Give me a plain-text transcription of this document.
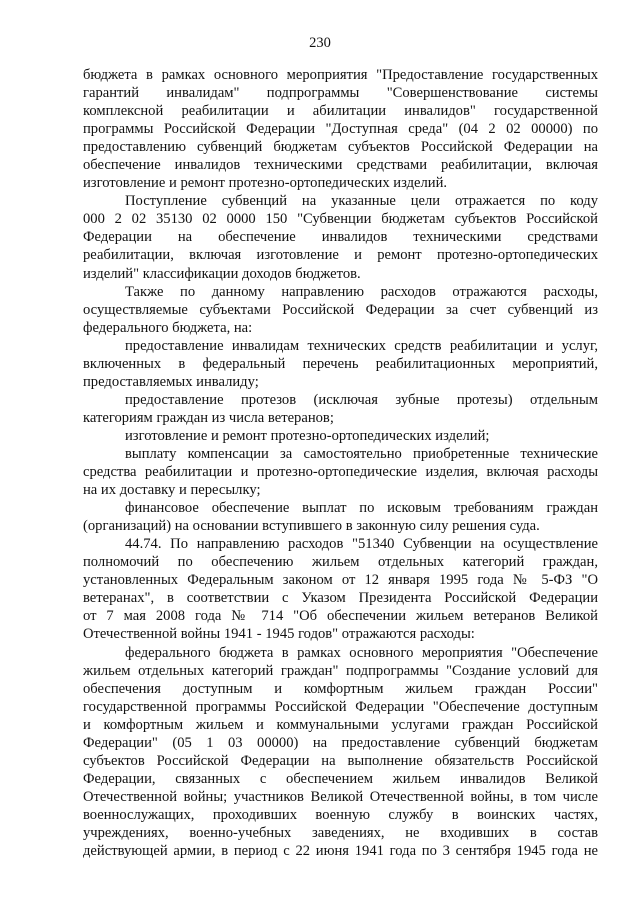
230
бюджета в рамках основного мероприятия "Предоставление государственных
гарантий инвалидам" подпрограммы "Совершенствование системы
комплексной реабилитации и абилитации инвалидов" государственной
программы Российской Федерации "Доступная среда" (04 2 02 00000) по
предоставлению субвенций бюджетам субъектов Российской Федерации на
обеспечение инвалидов техническими средствами реабилитации, включая
изготовление и ремонт протезно-ортопедических изделий.
Поступление субвенций на указанные цели отражается по коду
000 2 02 35130 02 0000 150 "Субвенции бюджетам субъектов Российской
Федерации на обеспечение инвалидов техническими средствами
реабилитации, включая изготовление и ремонт протезно-ортопедических
изделий" классификации доходов бюджетов.
Также по данному направлению расходов отражаются расходы,
осуществляемые субъектами Российской Федерации за счет субвенций из
федерального бюджета, на:
предоставление инвалидам технических средств реабилитации и услуг,
включенных в федеральный перечень реабилитационных мероприятий,
предоставляемых инвалиду;
предоставление протезов (исключая зубные протезы) отдельным
категориям граждан из числа ветеранов;
изготовление и ремонт протезно-ортопедических изделий;
выплату компенсации за самостоятельно приобретенные технические
средства реабилитации и протезно-ортопедические изделия, включая расходы
на их доставку и пересылку;
финансовое обеспечение выплат по исковым требованиям граждан
(организаций) на основании вступившего в законную силу решения суда.
44.74. По направлению расходов "51340 Субвенции на осуществление
полномочий по обеспечению жильем отдельных категорий граждан,
установленных Федеральным законом от 12 января 1995 года № 5-ФЗ "О
ветеранах", в соответствии с Указом Президента Российской Федерации
от 7 мая 2008 года № 714 "Об обеспечении жильем ветеранов Великой
Отечественной войны 1941 - 1945 годов" отражаются расходы:
федерального бюджета в рамках основного мероприятия "Обеспечение
жильем отдельных категорий граждан" подпрограммы "Создание условий для
обеспечения доступным и комфортным жильем граждан России"
государственной программы Российской Федерации "Обеспечение доступным
и комфортным жильем и коммунальными услугами граждан Российской
Федерации" (05 1 03 00000) на предоставление субвенций бюджетам
субъектов Российской Федерации на выполнение обязательств Российской
Федерации, связанных с обеспечением жильем инвалидов Великой
Отечественной войны; участников Великой Отечественной войны, в том числе
военнослужащих, проходивших военную службу в воинских частях,
учреждениях, военно-учебных заведениях, не входивших в состав
действующей армии, в период с 22 июня 1941 года по 3 сентября 1945 года не
